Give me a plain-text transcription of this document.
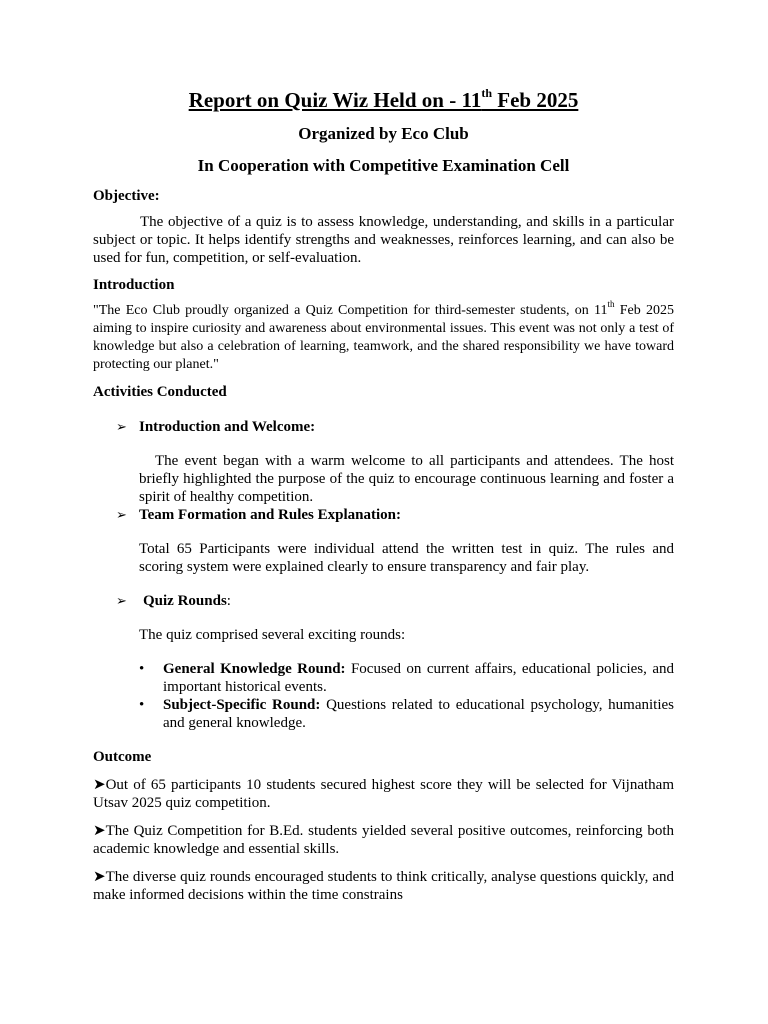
Report on Quiz Wiz Held on - 11th Feb 2025

Organized by Eco Club

In Cooperation with Competitive Examination Cell

Objective:

The objective of a quiz is to assess knowledge, understanding, and skills in a particular subject or topic. It helps identify strengths and weaknesses, reinforces learning, and can also be used for fun, competition, or self-evaluation.

Introduction

"The Eco Club proudly organized a Quiz Competition for third-semester students, on 11th Feb 2025 aiming to inspire curiosity and awareness about environmental issues. This event was not only a test of knowledge but also a celebration of learning, teamwork, and the shared responsibility we have toward protecting our planet."

Activities Conducted

➢ Introduction and Welcome:

The event began with a warm welcome to all participants and attendees. The host briefly highlighted the purpose of the quiz to encourage continuous learning and foster a spirit of healthy competition.

➢ Team Formation and Rules Explanation:

Total 65 Participants were individual attend the written test in quiz. The rules and scoring system were explained clearly to ensure transparency and fair play.

➢ Quiz Rounds:

The quiz comprised several exciting rounds:

• General Knowledge Round: Focused on current affairs, educational policies, and important historical events.
• Subject-Specific Round: Questions related to educational psychology, humanities and general knowledge.

Outcome

➤Out of 65 participants 10 students secured highest score they will be selected for Vijnatham Utsav 2025 quiz competition.

➤The Quiz Competition for B.Ed. students yielded several positive outcomes, reinforcing both academic knowledge and essential skills.

➤The diverse quiz rounds encouraged students to think critically, analyse questions quickly, and make informed decisions within the time constrains
